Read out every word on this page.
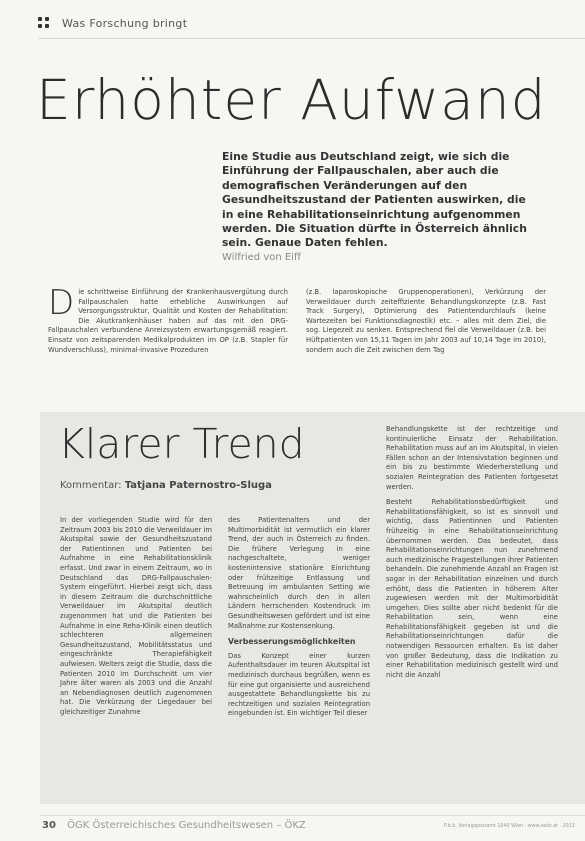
Was Forschung bringt
Erhöhter Aufwand
Eine Studie aus Deutschland zeigt, wie sich die Einführung der Fallpauschalen, aber auch die demografischen Veränderungen auf den Gesundheitszustand der Patienten auswirken, die in eine Rehabilitationseinrichtung aufgenommen werden. Die Situation dürfte in Österreich ähnlich sein. Genaue Daten fehlen.
Wilfried von Eiff
D ie schrittweise Einführung der Krankenhausvergütung durch Fallpauschalen hatte erhebliche Auswirkungen auf Versorgungsstruktur, Qualität und Kosten der Rehabilitation: Die Akutkrankenhäuser haben auf das mit den DRG-Fallpauschalen verbundene Anreizsystem erwartungsgemäß reagiert. Einsatz von zeitsparenden Medikalprodukten im OP (z.B. Stapler für Wundverschluss), minimal-invasive Prozeduren
(z.B. laparoskopische Gruppenoperationen), Verkürzung der Verweildauer durch zeiteffiziente Behandlungskonzepte (z.B. Fast Track Surgery), Optimierung des Patientendurchlaufs (keine Wartezeiten bei Funktionsdiagnostik) etc. – alles mit dem Ziel, die sog. Liegezeit zu senken. Entsprechend fiel die Verweildauer (z.B. bei Hüftpatienten von 15,11 Tagen im Jahr 2003 auf 10,14 Tage im 2010), sondern auch die Zeit zwischen dem Tag
Klarer Trend
Kommentar: Tatjana Paternostro-Sluga
In der vorliegenden Studie wird für den Zeitraum 2003 bis 2010 die Verweildauer im Akutspital sowie der Gesundheitszustand der Patientinnen und Patienten bei Aufnahme in eine Rehabilitationsklinik erfasst. Und zwar in einem Zeitraum, wo in Deutschland das DRG-Fallpauschalen-System eingeführt. Hierbei zeigt sich, dass in diesem Zeitraum die durchschnittliche Verweildauer im Akutspital deutlich zugenommen hat und die Patienten bei Aufnahme in eine Reha-Klinik einen deutlich schlechteren allgemeinen Gesundheitszustand, Mobilitätsstatus und eingeschränkte Therapiefähigkeit aufwiesen. Weiters zeigt die Studie, dass die Patienten 2010 im Durchschnitt um vier Jahre älter waren als 2003 und die Anzahl an Nebendiagnosen deutlich zugenommen hat. Die Verkürzung der Liegedauer bei gleichzeitiger Zunahme
des Patientenalters und der Multimorbidität ist vermutlich ein klarer Trend, der auch in Österreich zu finden. Die frühere Verlegung in eine nachgeschaltete, weniger kostenintensive stationäre Einrichtung oder frühzeitige Entlassung und Betreuung im ambulanten Setting wie wahrscheinlich durch den in allen Ländern herrschenden Kostendruck im Gesundheitswesen gefördert und ist eine Maßnahme zur Kostensenkung.
Verbesserungsmöglichkeiten
Das Konzept einer kurzen Aufenthaltsdauer im teuren Akutspital ist medizinisch durchaus begrüßen, wenn es für eine gut organisierte und ausreichend ausgestattete Behandlungskette bis zu rechtzeitigen und sozialen Reintegration eingebunden ist. Ein wichtiger Teil dieser
Behandlungskette ist der rechtzeitige und kontinuierliche Einsatz der Rehabilitation. Rehabilitation muss auf an im Akutspital, in vielen Fällen schon an der Intensivstation beginnen und ein bis zu bestimmte Wiederherstellung und sozialen Reintegration des Patienten fortgesetzt werden.
Besteht Rehabilitationsbedürftigkeit und Rehabilitationsfähigkeit, so ist es sinnvoll und wichtig, dass Patientinnen und Patienten frühzeitig in eine Rehabilitationseinrichtung übernommen werden. Das bedeutet, dass Rehabilitationseinrichtungen nun zunehmend auch medizinische Fragestellungen ihrer Patienten behandeln. Die zunehmende Anzahl an Fragen ist sogar in der Rehabilitation einzelnen und durch erhöht, dass die Patienten in höherem Alter zugewiesen werden mit der Multimorbidität umgehen. Dies sollte aber nicht bedenkt für die Rehabilitation sein, wenn eine Rehabilitationsfähigkeit gegeben ist und die Rehabilitationseinrichtungen dafür die notwendigen Ressourcen erhalten. Es ist daher von großer Bedeutung, dass die Indikation zu einer Rehabilitation medizinisch gestellt wird und nicht die Anzahl
30 ÖGK Österreichisches Gesundheitswesen – ÖKZ	P.b.b. Verlagspostamt 1040 Wien · www.oekz.at · 2013
